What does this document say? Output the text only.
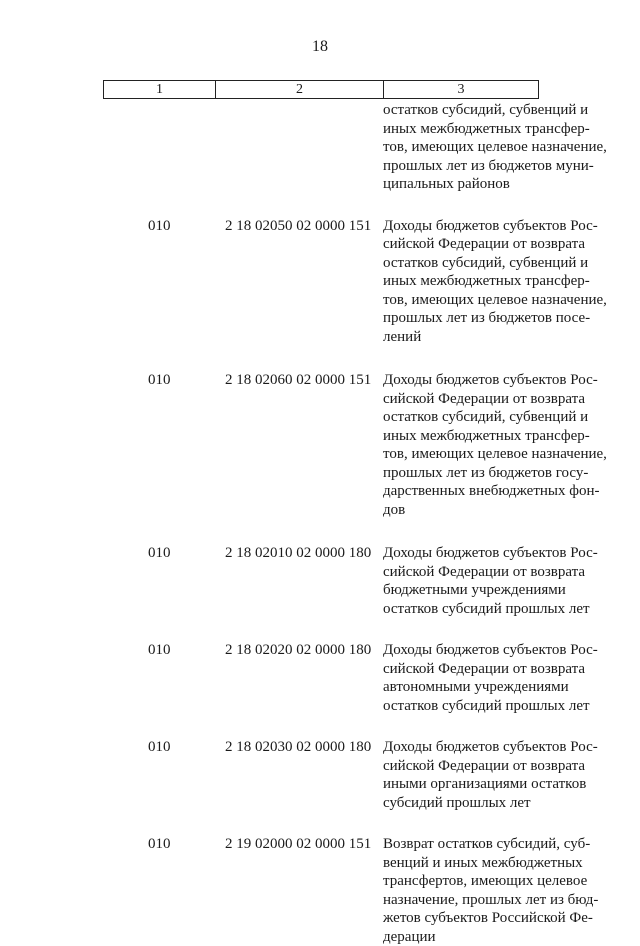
18
1	2	3
остатков субсидий, субвенций и
иных межбюджетных трансфер-
тов, имеющих целевое назначение,
прошлых лет из бюджетов муни-
ципальных районов
010	2 18 02050 02 0000 151 Доходы бюджетов субъектов Рос-
сийской Федерации от возврата
остатков субсидий, субвенций и
иных межбюджетных трансфер-
тов, имеющих целевое назначение,
прошлых лет из бюджетов посе-
лений
010	2 18 02060 02 0000 151 Доходы бюджетов субъектов Рос-
сийской Федерации от возврата
остатков субсидий, субвенций и
иных межбюджетных трансфер-
тов, имеющих целевое назначение,
прошлых лет из бюджетов госу-
дарственных внебюджетных фон-
дов
010	2 18 02010 02 0000 180 Доходы бюджетов субъектов Рос-
сийской Федерации от возврата
бюджетными учреждениями
остатков субсидий прошлых лет
010	2 18 02020 02 0000 180 Доходы бюджетов субъектов Рос-
сийской Федерации от возврата
автономными учреждениями
остатков субсидий прошлых лет
010	2 18 02030 02 0000 180 Доходы бюджетов субъектов Рос-
сийской Федерации от возврата
иными организациями остатков
субсидий прошлых лет
010	2 19 02000 02 0000 151 Возврат остатков субсидий, суб-
венций и иных межбюджетных
трансфертов, имеющих целевое
назначение, прошлых лет из бюд-
жетов субъектов Российской Фе-
дерации
